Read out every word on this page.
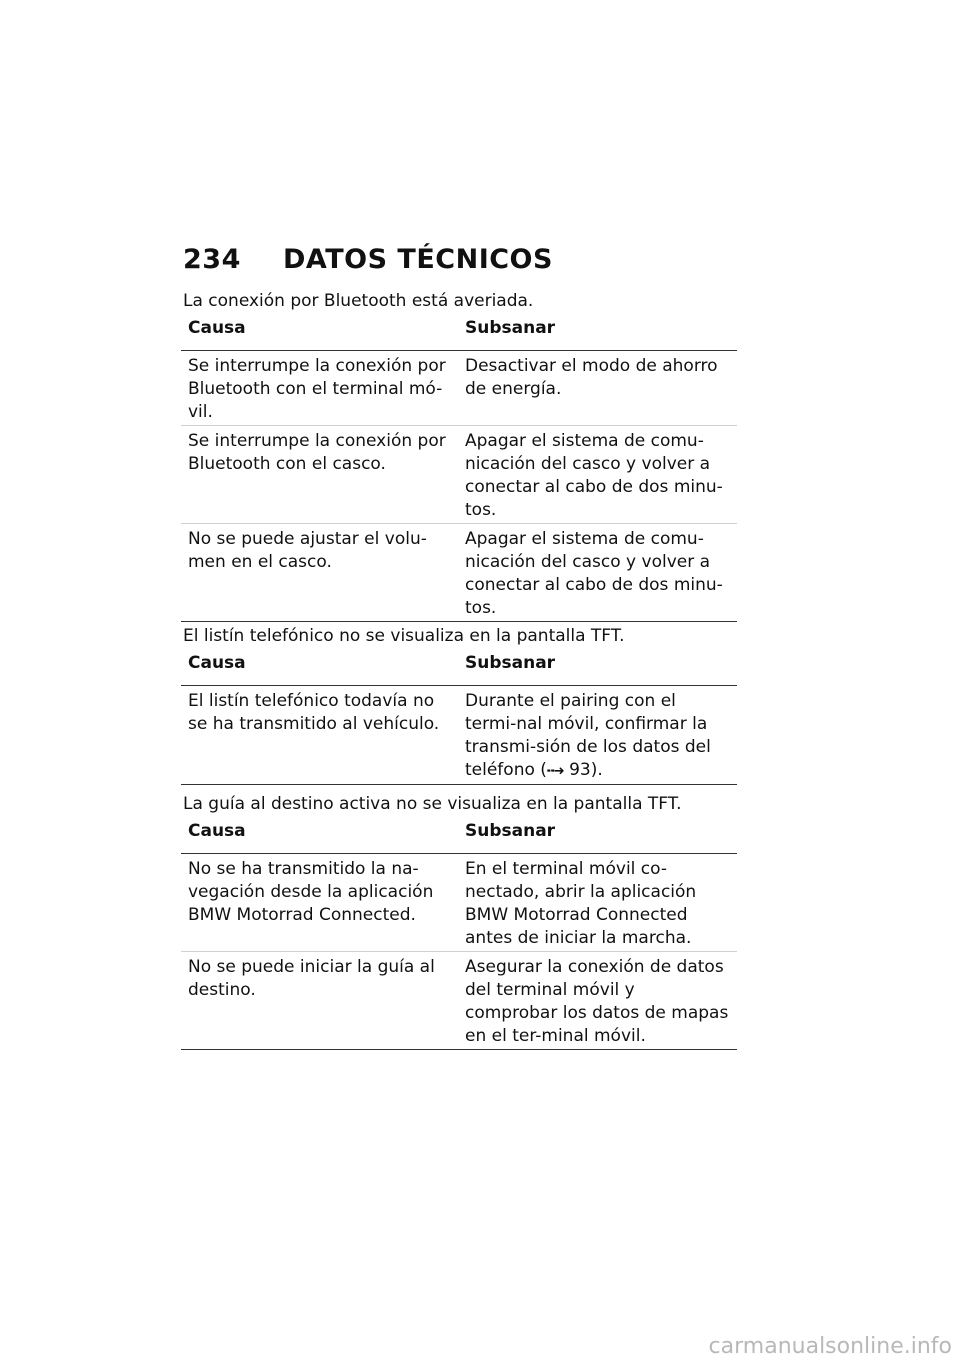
234	DATOS TÉCNICOS
La conexión por Bluetooth está averiada.
Causa	Subsanar
Se interrumpe la conexión por Bluetooth con el terminal mó-vil.	Desactivar el modo de ahorro de energía.
Se interrumpe la conexión por Bluetooth con el casco.	Apagar el sistema de comu-nicación del casco y volver a conectar al cabo de dos minu-tos.
No se puede ajustar el volu-men en el casco.	Apagar el sistema de comu-nicación del casco y volver a conectar al cabo de dos minu-tos.
El listín telefónico no se visualiza en la pantalla TFT.
Causa	Subsanar
El listín telefónico todavía no se ha transmitido al vehículo.	Durante el pairing con el termi-nal móvil, confirmar la transmi-sión de los datos del teléfono (╍➜ 93).
La guía al destino activa no se visualiza en la pantalla TFT.
Causa	Subsanar
No se ha transmitido la na-vegación desde la aplicación BMW Motorrad Connected.	En el terminal móvil co-nectado, abrir la aplicación BMW Motorrad Connected antes de iniciar la marcha.
No se puede iniciar la guía al destino.	Asegurar la conexión de datos del terminal móvil y comprobar los datos de mapas en el ter-minal móvil.
carmanualsonline.info
